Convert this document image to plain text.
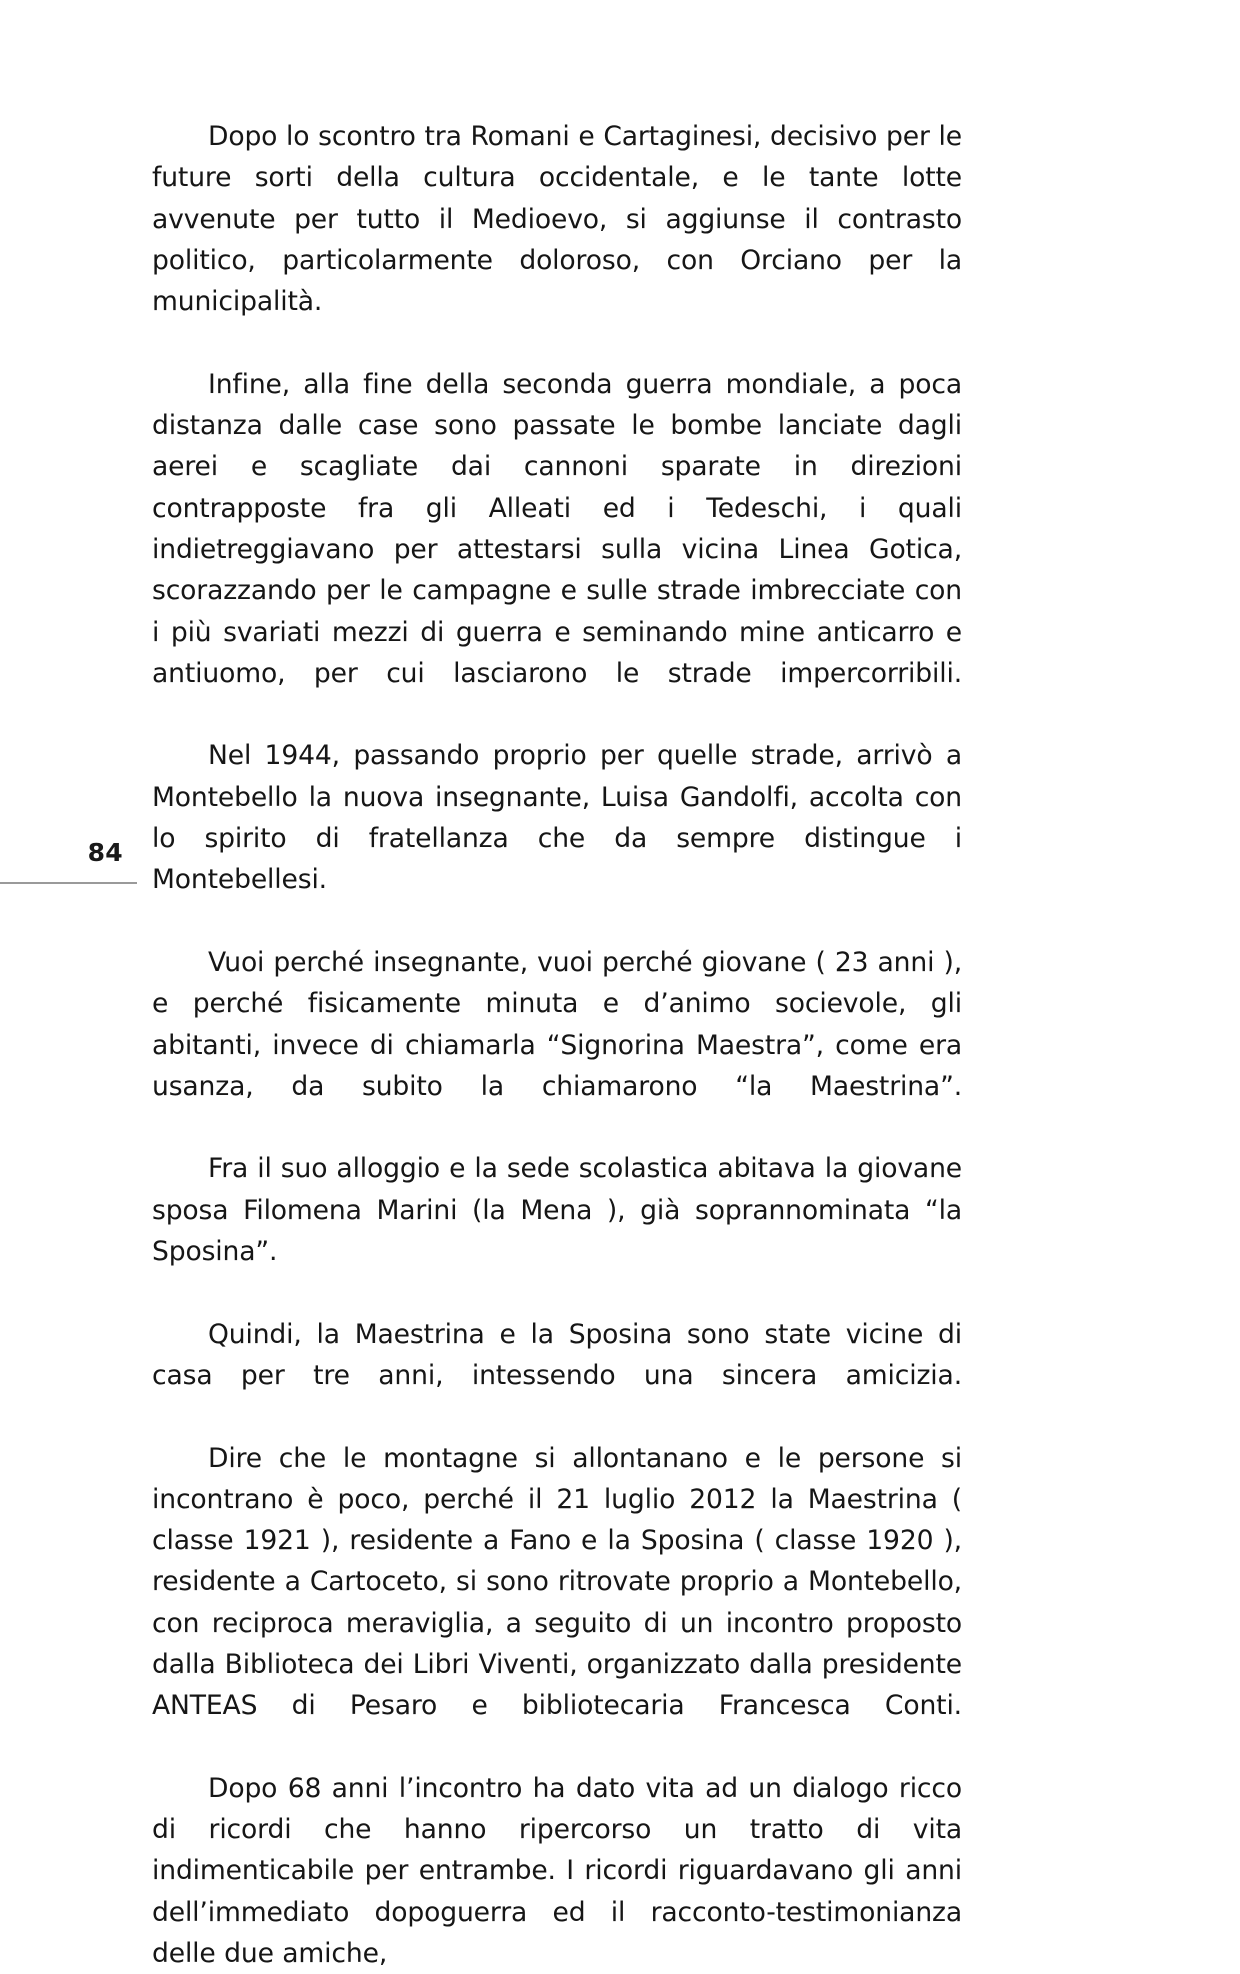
84

Dopo lo scontro tra Romani e Cartaginesi, decisivo per le future sorti della cultura occidentale, e le tante lotte avvenute per tutto il Medioevo, si aggiunse il contrasto politico, particolarmente doloroso, con Orciano per la municipalità.

Infine, alla fine della seconda guerra mondiale, a poca distanza dalle case sono passate le bombe lanciate dagli aerei e scagliate dai cannoni sparate in direzioni contrapposte fra gli Alleati ed i Tedeschi, i quali indietreggiavano per attestarsi sulla vicina Linea Gotica, scorazzando per le campagne e sulle strade imbrecciate con i più svariati mezzi di guerra e seminando mine anticarro e antiuomo, per cui lasciarono le strade impercorribili.

Nel 1944, passando proprio per quelle strade, arrivò a Montebello la nuova insegnante, Luisa Gandolfi, accolta con lo spirito di fratellanza che da sempre distingue i Montebellesi.

Vuoi perché insegnante, vuoi perché giovane ( 23 anni ), e perché fisicamente minuta e d’animo socievole, gli abitanti, invece di chiamarla “Signorina Maestra”, come era usanza, da subito la chiamarono “la Maestrina”.

Fra il suo alloggio e la sede scolastica abitava la giovane sposa Filomena Marini (la Mena ), già soprannominata “la Sposina”.

Quindi, la Maestrina e la Sposina sono state vicine di casa per tre anni, intessendo una sincera amicizia.

Dire che le montagne si allontanano e le persone si incontrano è poco, perché il 21 luglio 2012 la Maestrina ( classe 1921 ), residente a Fano e la Sposina ( classe 1920 ), residente a Cartoceto, si sono ritrovate proprio a Montebello, con reciproca meraviglia, a seguito di un incontro proposto dalla Biblioteca dei Libri Viventi, organizzato dalla presidente ANTEAS di Pesaro e bibliotecaria Francesca Conti.

Dopo 68 anni l’incontro ha dato vita ad un dialogo ricco di ricordi che hanno ripercorso un tratto di vita indimenticabile per entrambe. I ricordi riguardavano gli anni dell’immediato dopoguerra ed il racconto-testimonianza delle due amiche,
